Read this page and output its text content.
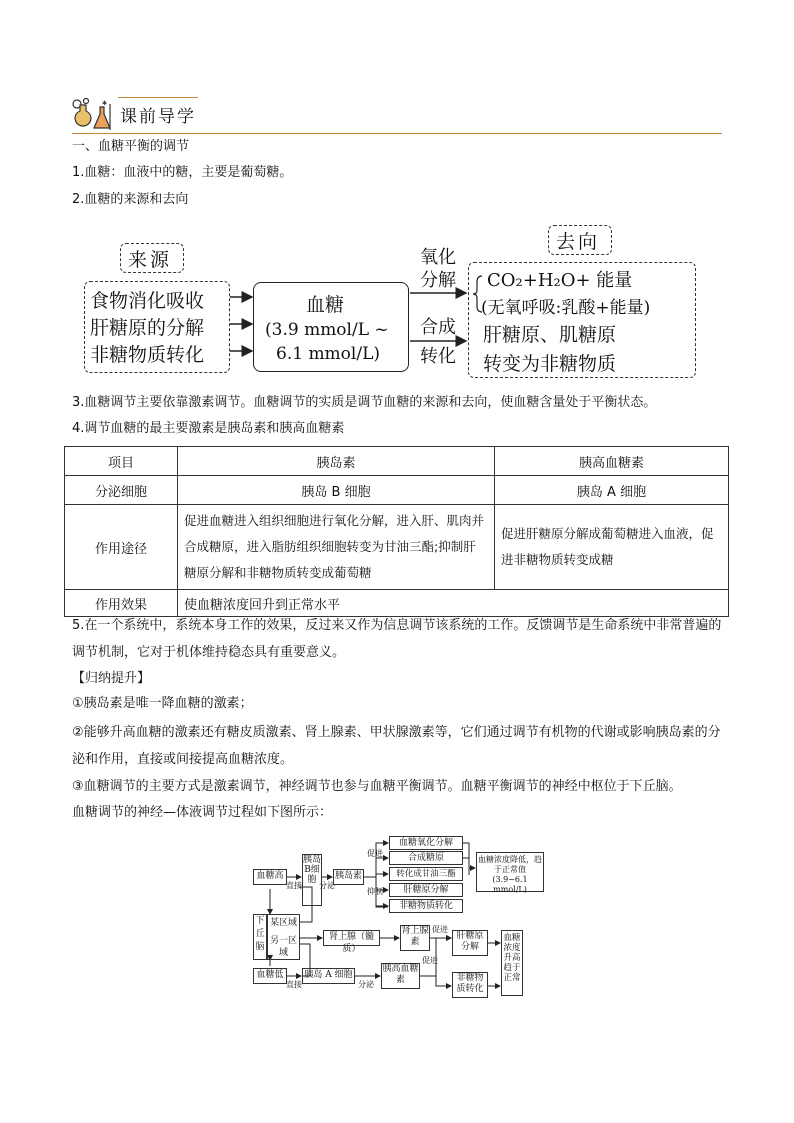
✱
课前导学
一、血糖平衡的调节
1.血糖：血液中的糖，主要是葡萄糖。
2.血糖的来源和去向
来源
食物消化吸收
肝糖原的分解
非糖物质转化
血糖
(3.9 mmol/L ~
6.1 mmol/L)
氧化
分解
合成
转化
去向
CO₂+H₂O+ 能量
(无氧呼吸:乳酸+能量)
肝糖原、肌糖原
转变为非糖物质
3.血糖调节主要依靠激素调节。血糖调节的实质是调节血糖的来源和去向，使血糖含量处于平衡状态。
4.调节血糖的最主要激素是胰岛素和胰高血糖素
项目	胰岛素	胰高血糖素
分泌细胞	胰岛 B 细胞	胰岛 A 细胞
作用途径	促进血糖进入组织细胞进行氧化分解，进入肝、肌肉并合成糖原，进入脂肪组织细胞转变为甘油三酯;抑制肝糖原分解和非糖物质转变成葡萄糖	促进肝糖原分解成葡萄糖进入血液，促进非糖物质转变成糖
作用效果	使血糖浓度回升到正常水平	
5.在一个系统中，系统本身工作的效果，反过来又作为信息调节该系统的工作。反馈调节是生命系统中非常普遍的调节机制，它对于机体维持稳态具有重要意义。
【归纳提升】
①胰岛素是唯一降血糖的激素；
②能够升高血糖的激素还有糖皮质激素、肾上腺素、甲状腺激素等，它们通过调节有机物的代谢或影响胰岛素的分泌和作用，直接或间接提高血糖浓度。
③血糖调节的主要方式是激素调节，神经调节也参与血糖平衡调节。血糖平衡调节的神经中枢位于下丘脑。
血糖调节的神经—体液调节过程如下图所示：
血糖高
直接
胰岛B细胞
分泌
胰岛素
促进
抑制
血糖氧化分解
合成糖原
转化成甘油三酯
肝糖原分解
非糖物质转化
血糖浓度降低，趋于正常值 (3.9~6.1 mmol/L)
下丘脑
某区域
另一区域
肾上腺（髓质）
肾上腺素
促进
肝糖原分解
血糖低
直接
胰岛 A 细胞
分泌
胰高血糖素
促进
非糖物质转化
血糖浓度升高趋于正常
